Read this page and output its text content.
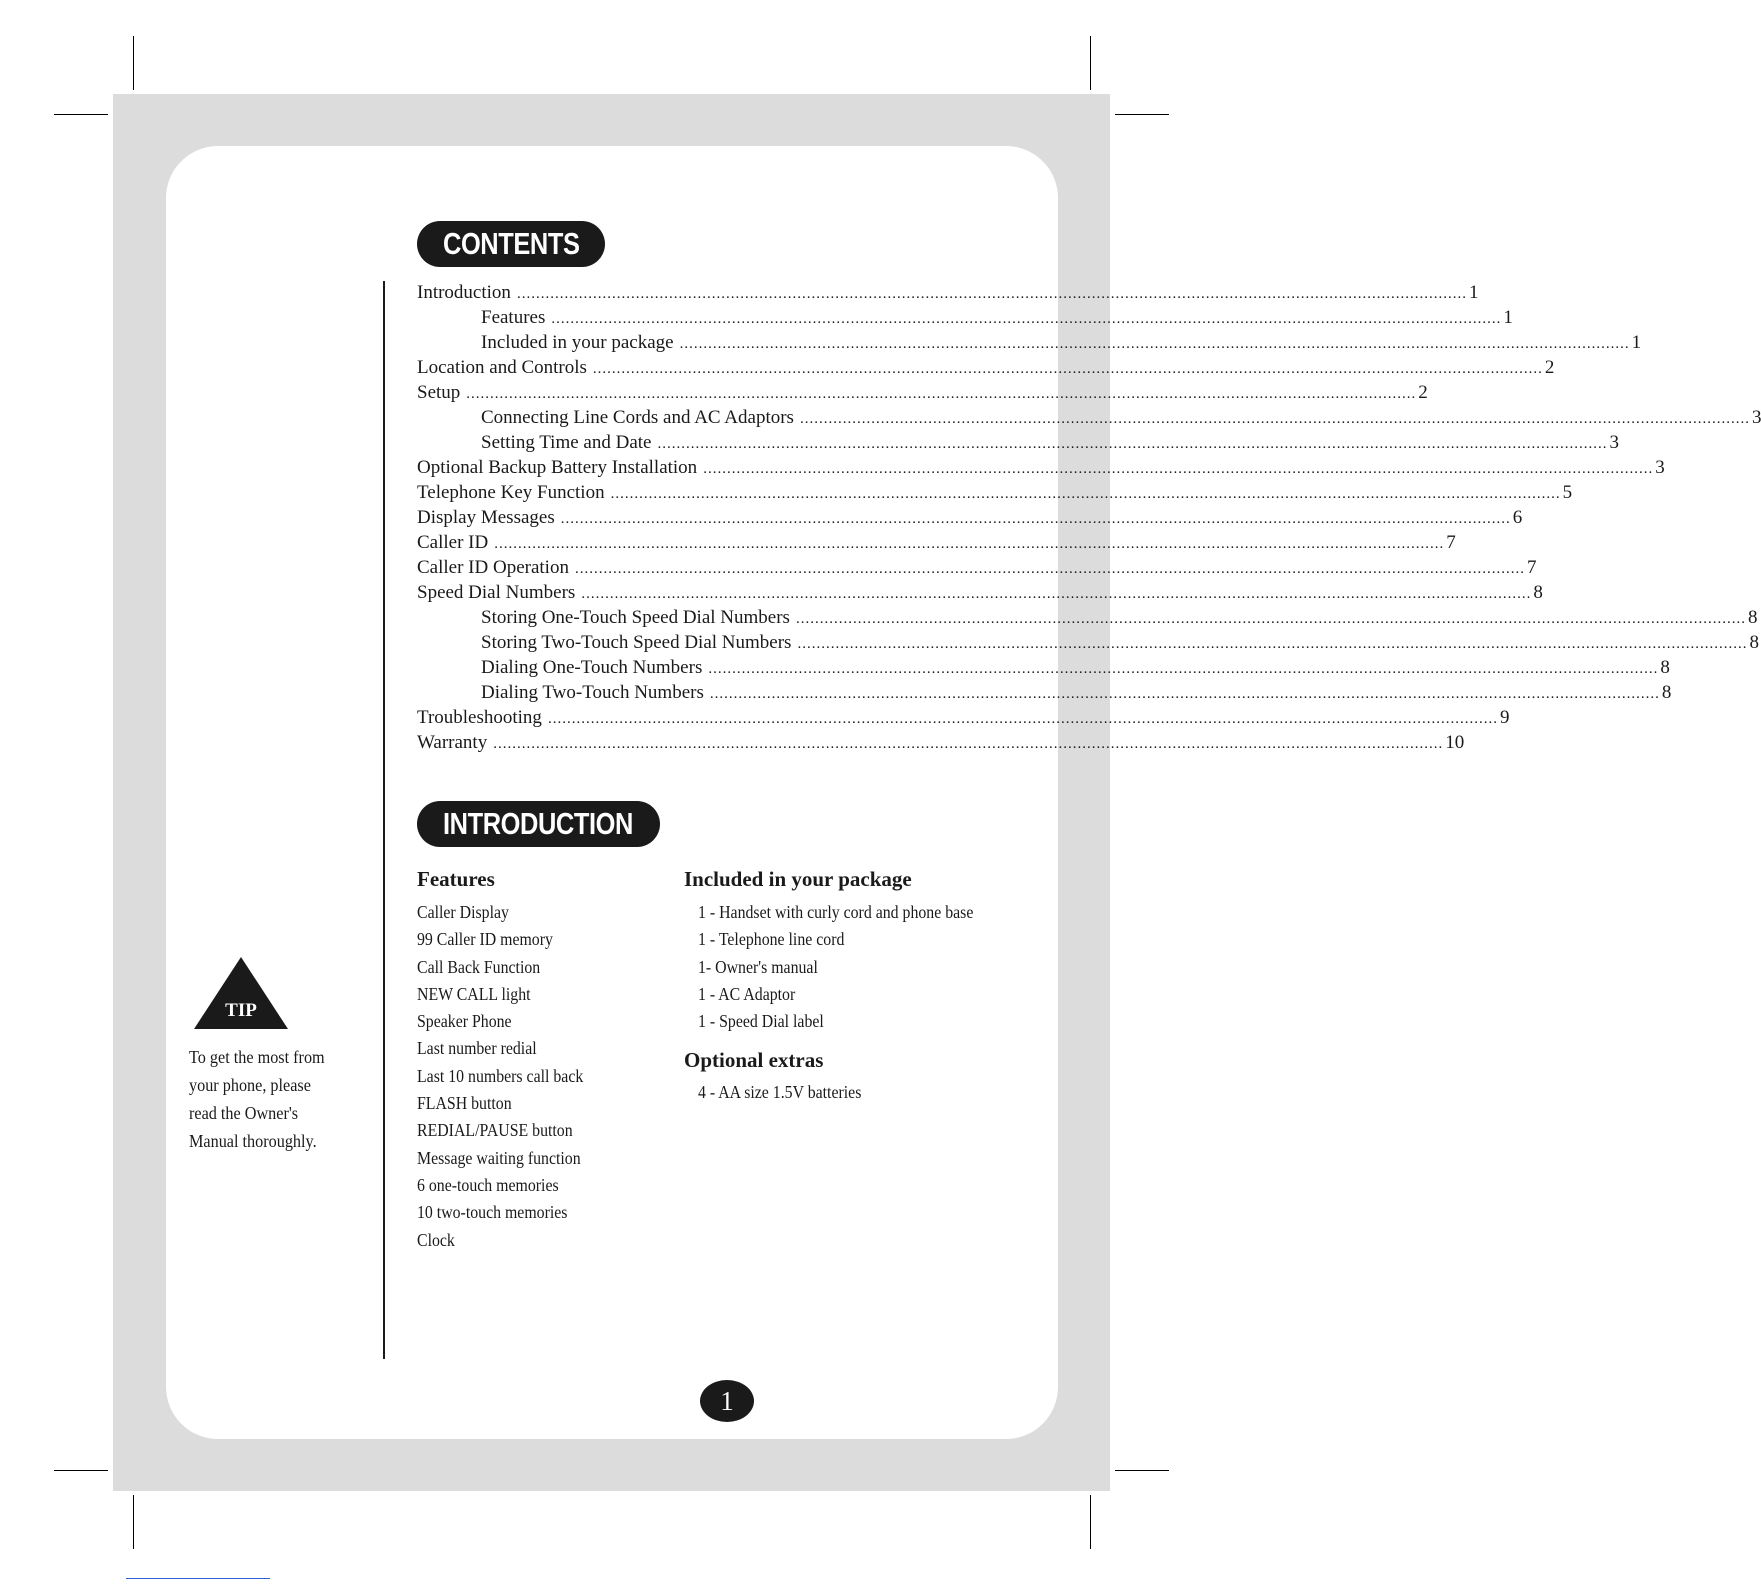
CONTENTS
Introduction ........................................................................................................................................................................................................ 1
Features ........................................................................................................................................................................................................ 1
Included in your package ........................................................................................................................................................................................................ 1
Location and Controls ........................................................................................................................................................................................................ 2
Setup ........................................................................................................................................................................................................ 2
Connecting Line Cords and AC Adaptors ........................................................................................................................................................................................................ 3
Setting Time and Date ........................................................................................................................................................................................................ 3
Optional Backup Battery Installation ........................................................................................................................................................................................................ 3
Telephone Key Function ........................................................................................................................................................................................................ 5
Display Messages ........................................................................................................................................................................................................ 6
Caller ID ........................................................................................................................................................................................................ 7
Caller ID Operation ........................................................................................................................................................................................................ 7
Speed Dial Numbers ........................................................................................................................................................................................................ 8
Storing One-Touch Speed Dial Numbers ........................................................................................................................................................................................................ 8
Storing Two-Touch Speed Dial Numbers ........................................................................................................................................................................................................ 8
Dialing One-Touch Numbers ........................................................................................................................................................................................................ 8
Dialing Two-Touch Numbers ........................................................................................................................................................................................................ 8
Troubleshooting ........................................................................................................................................................................................................ 9
Warranty ........................................................................................................................................................................................................ 10
INTRODUCTION
Features
Caller Display
99 Caller ID memory
Call Back Function
NEW CALL light
Speaker Phone
Last number redial
Last 10 numbers call back
FLASH button
REDIAL/PAUSE button
Message waiting function
6 one-touch memories
10 two-touch memories
Clock
Included in your package
1 - Handset with curly cord and phone base
1 - Telephone line cord
1- Owner's manual
1 - AC Adaptor
1 - Speed Dial label
Optional extras
4 - AA size 1.5V batteries
TIP
To get the most from
your phone, please
read the Owner's
Manual thoroughly.
1
